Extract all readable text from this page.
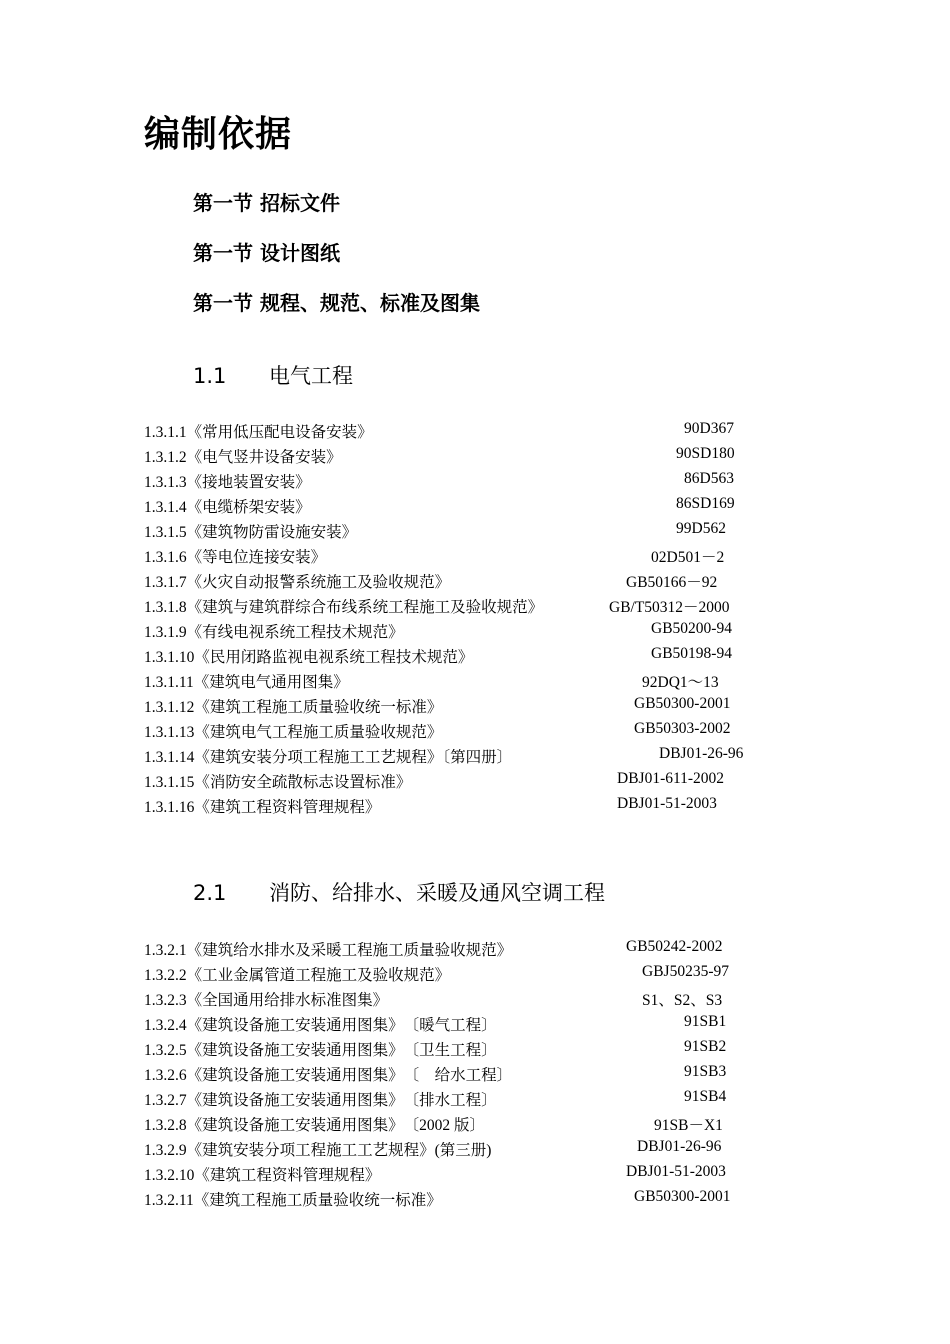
编制依据

第一节 招标文件

第一节 设计图纸

第一节 规程、规范、标准及图集

1.1 电气工程

1.3.1.1《常用低压配电设备安装》	90D367
1.3.1.2《电气竖井设备安装》	90SD180
1.3.1.3《接地装置安装》	86D563
1.3.1.4《电缆桥架安装》	86SD169
1.3.1.5《建筑物防雷设施安装》	99D562
1.3.1.6《等电位连接安装》	02D501－2
1.3.1.7《火灾自动报警系统施工及验收规范》	GB50166－92
1.3.1.8《建筑与建筑群综合布线系统工程施工及验收规范》	GB/T50312－2000
1.3.1.9《有线电视系统工程技术规范》	GB50200-94
1.3.1.10《民用闭路监视电视系统工程技术规范》	GB50198-94
1.3.1.11《建筑电气通用图集》	92DQ1～13
1.3.1.12《建筑工程施工质量验收统一标准》	GB50300-2001
1.3.1.13《建筑电气工程施工质量验收规范》	GB50303-2002
1.3.1.14《建筑安装分项工程施工工艺规程》〔第四册〕	DBJ01-26-96
1.3.1.15《消防安全疏散标志设置标准》	DBJ01-611-2002
1.3.1.16《建筑工程资料管理规程》	DBJ01-51-2003

2.1 消防、给排水、采暖及通风空调工程

1.3.2.1《建筑给水排水及采暖工程施工质量验收规范》	GB50242-2002
1.3.2.2《工业金属管道工程施工及验收规范》	GBJ50235-97
1.3.2.3《全国通用给排水标准图集》	S1、S2、S3
1.3.2.4《建筑设备施工安装通用图集》　〔暖气工程〕	91SB1
1.3.2.5《建筑设备施工安装通用图集》　〔卫生工程〕	91SB2
1.3.2.6《建筑设备施工安装通用图集》　〔　给水工程〕	91SB3
1.3.2.7《建筑设备施工安装通用图集》　〔排水工程〕	91SB4
1.3.2.8《建筑设备施工安装通用图集》　〔2002 版〕	91SB－X1
1.3.2.9《建筑安装分项工程施工工艺规程》(第三册)	DBJ01-26-96
1.3.2.10《建筑工程资料管理规程》	DBJ01-51-2003
1.3.2.11《建筑工程施工质量验收统一标准》	GB50300-2001
